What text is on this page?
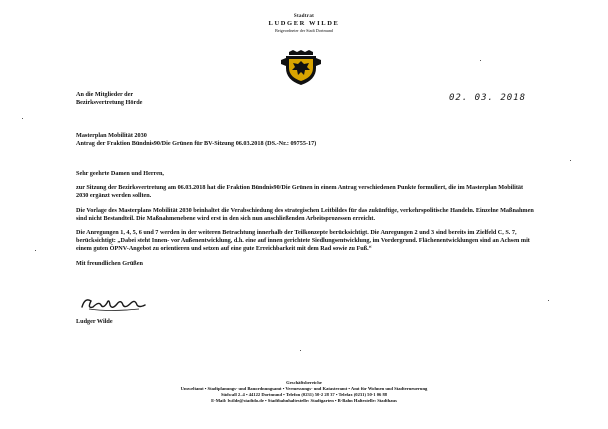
Stadtrat
LUDGER WILDE
Beigeordneter der Stadt Dortmund
An die Mitglieder der
Bezirksvertretung Hörde	02. 03. 2018
Masterplan Mobilität 2030
Antrag der Fraktion Bündnis90/Die Grünen für BV-Sitzung 06.03.2018 (DS.-Nr.: 09755-17)

Sehr geehrte Damen und Herren,

zur Sitzung der Bezirksvertretung am 06.03.2018 hat die Fraktion Bündnis90/Die Grünen in einem Antrag verschiedenen Punkte formuliert, die im Masterplan Mobilität 2030 ergänzt werden sollten.

Die Vorlage des Masterplans Mobilität 2030 beinhaltet die Verabschiedung des strategischen Leitbildes für das zukünftige, verkehrspolitische Handeln. Einzelne Maßnahmen sind nicht Bestandteil. Die Maßnahmenebene wird erst in den sich nun anschließenden Arbeitsprozessen erreicht.

Die Anregungen 1, 4, 5, 6 und 7 werden in der weiteren Betrachtung innerhalb der Teilkonzepte berücksichtigt. Die Anregungen 2 und 3 sind bereits im Zielfeld C, S. 7, berücksichtigt: „Dabei steht Innen- vor Außenentwicklung, d.h. eine auf innen gerichtete Siedlungsentwicklung, im Vordergrund. Flächenentwicklungen sind an Achsen mit einem guten ÖPNV-Angebot zu orientieren und setzen auf eine gute Erreichbarkeit mit dem Rad sowie zu Fuß.“

Mit freundlichen Grüßen

Ludger Wilde
Geschäftsbereiche
Umweltamt • Stadtplanungs- und Bauordnungsamt • Vermessungs- und Katasteramt • Amt für Wohnen und Stadterneuerung
Südwall 2–4 • 44122 Dortmund • Telefon (0231) 50-2 28 37 • Telefax (0231) 50-1 06 88
E-Mail: lwilde@stadtdo.de • Stadtbahnhaltestelle: Stadtgarten • B-Bahn Haltestelle: Stadthaus
